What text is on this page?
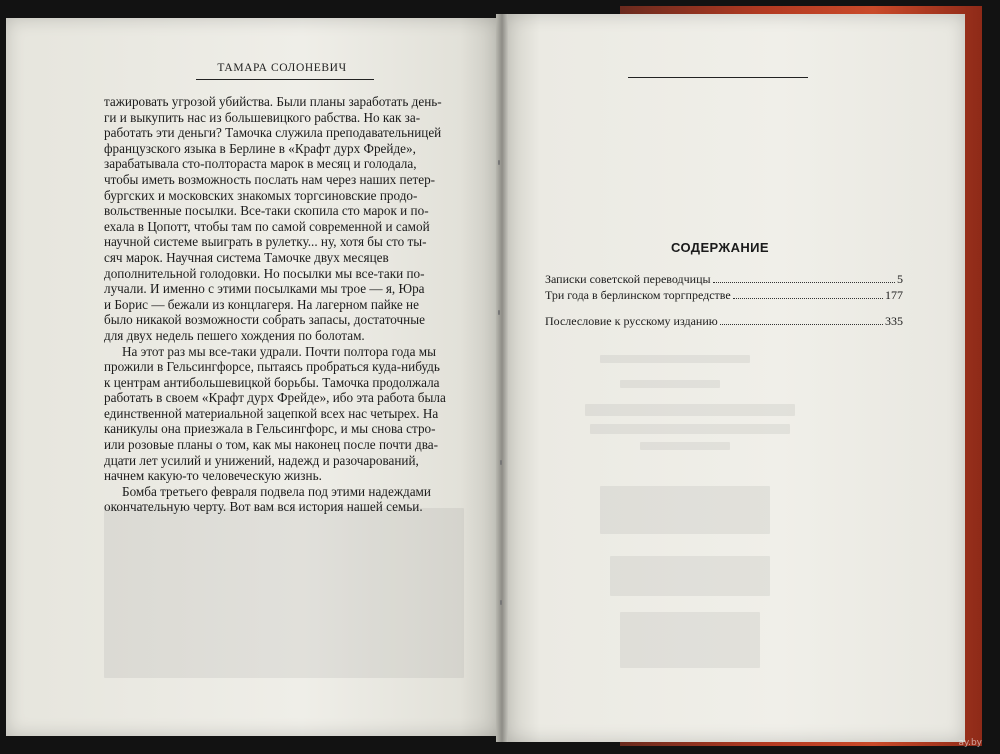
ТАМАРА СОЛОНЕВИЧ
тажировать угрозой убийства. Были планы заработать день-
ги и выкупить нас из большевицкого рабства. Но как за-
работать эти деньги? Тамочка служила преподавательницей
французского языка в Берлине в «Крафт дурх Фрейде»,
зарабатывала сто-полтораста марок в месяц и голодала,
чтобы иметь возможность послать нам через наших петер-
бургских и московских знакомых торгсиновские продо-
вольственные посылки. Все-таки скопила сто марок и по-
ехала в Цопотт, чтобы там по самой современной и самой
научной системе выиграть в рулетку... ну, хотя бы сто ты-
сяч марок. Научная система Тамочке двух месяцев
дополнительной голодовки. Но посылки мы все-таки по-
лучали. И именно с этими посылками мы трое — я, Юра
и Борис — бежали из концлагеря. На лагерном пайке не
было никакой возможности собрать запасы, достаточные
для двух недель пешего хождения по болотам.
На этот раз мы все-таки удрали. Почти полтора года мы
прожили в Гельсингфорсе, пытаясь пробраться куда-нибудь
к центрам антибольшевицкой борьбы. Тамочка продолжала
работать в своем «Крафт дурх Фрейде», ибо эта работа была
единственной материальной зацепкой всех нас четырех. На
каникулы она приезжала в Гельсингфорс, и мы снова стро-
или розовые планы о том, как мы наконец после почти два-
дцати лет усилий и унижений, надежд и разочарований,
начнем какую-то человеческую жизнь.
Бомба третьего февраля подвела под этими надеждами
окончательную черту. Вот вам вся история нашей семьи.
СОДЕРЖАНИЕ
Записки советской переводчицы	5
Три года в берлинском торгпредстве	177
Послесловие к русскому изданию	335
ay.by
